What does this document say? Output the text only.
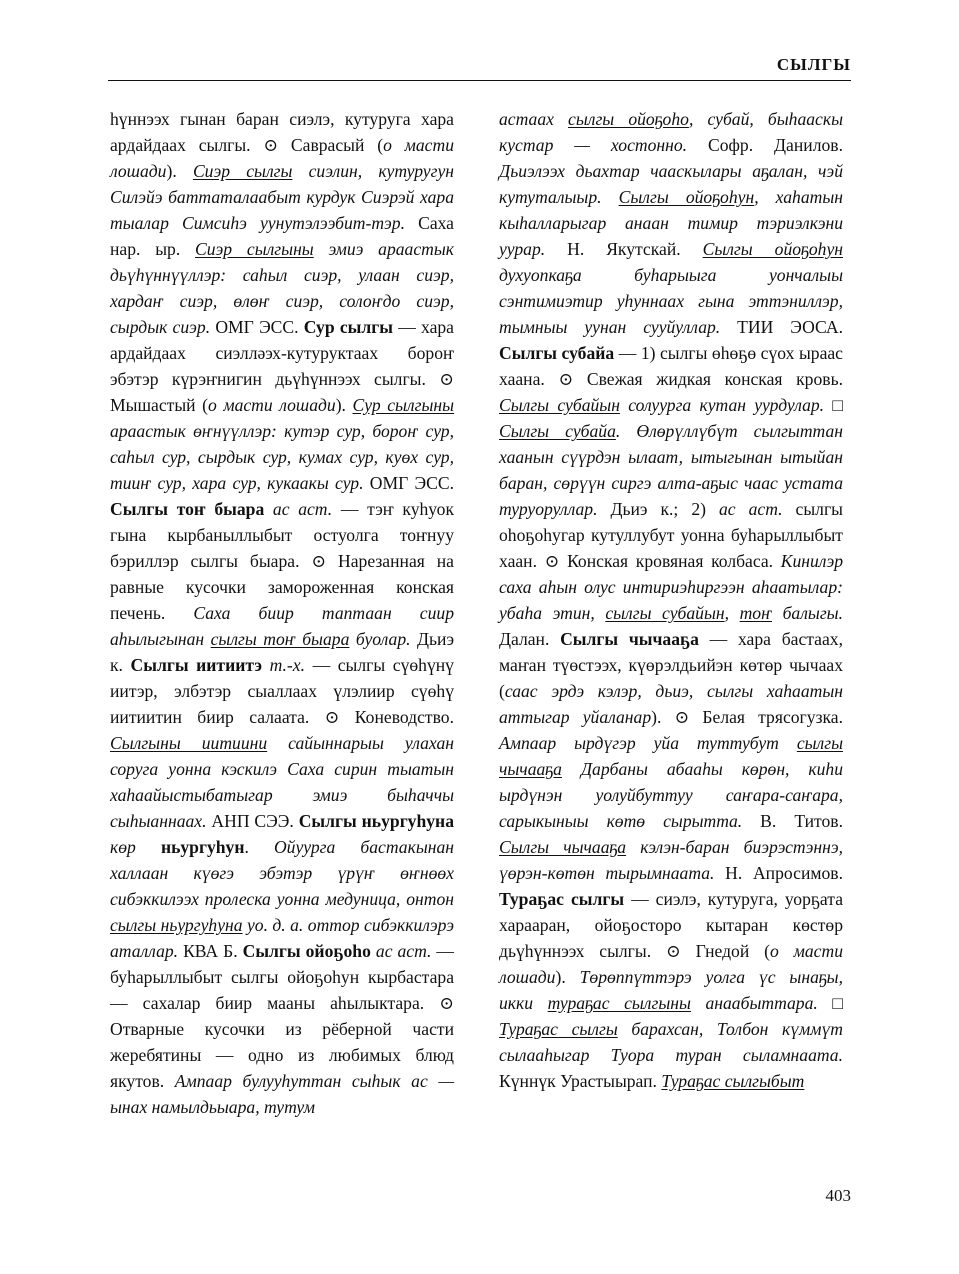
СЫЛГЫ

һүннээх гынан баран сиэлэ, кутуруга хара ардайдаах сылгы. ⊙ Саврасый (о масти лошади). Сиэр сылгы сиэлин, кутуругун Силэйэ баттаталаабыт курдук Сиэрэй хара тыалар Симсиһэ уунутэлээбит-тэр. Саха нар. ыр. Сиэр сылгыны эмиэ араастык дьүһүннүүллэр: саһыл сиэр, улаан сиэр, хардаҥ сиэр, өлөҥ сиэр, солоҥдо сиэр, сырдык сиэр. ОМГ ЭСС. Сур сылгы — хара ардайдаах сиэлләэх-кутуруктаах бороҥ эбэтэр күрэҥнигин дьүһүннээх сылгы. ⊙ Мышастый (о масти лошади). Сур сылгыны араастык өҥнүүллэр: кутэр сур, бороҥ сур, саһыл сур, сырдык сур, кумах сур, куөх сур, тииҥ сур, хара сур, кукаакы сур. ОМГ ЭСС. Сылгы тоҥ быара ас аст. — тэҥ куһуок гына кырбаныллыбыт остуолга тоҥнуу бэриллэр сылгы быара. ⊙ Нарезанная на равные кусочки замороженная конская печень. Саха биир таптаан сиир аһылыгынан сылгы тоҥ быара буолар. Дьиэ к. Сылгы иитиитэ т.-х. — сылгы сүөһүнү иитэр, элбэтэр сыаллаах үлэлиир сүөһү иитиитин биир салаата. ⊙ Коневодство. Сылгыны иитиини сайыннарыы улахан соруга уонна кэскилэ Саха сирин тыатын хаһаайыстыбатыгар эмиэ быһаччы сыһыаннаах. АНП СЭЭ. Сылгы ньургуһуна көр ньургуһун. Ойуурга бастакынан халлаан күөгэ эбэтэр үрүҥ өҥнөөх сибэккилээх пролеска уонна медуница, онтон сылгы ньургуһуна уо. д. а. оттор сибэккилэрэ аталлар. КВА Б. Сылгы ойоҕоһо ас аст. — буһарыллыбыт сылгы ойоҕоһун кырбастара — сахалар биир мааны аһылыктара. ⊙ Отварные кусочки из рёберной части жеребятины — одно из любимых блюд якутов. Ампаар булууһуттан сыһык ас — ынах намылдьыара, тутум

астаах сылгы ойоҕоһо, субай, быһааскы кустар — хостонно. Софр. Данилов. Дьиэлээх дьахтар чааскылары аҕалан, чэй кутуталыыр. Сылгы ойоҕоһун, хаһатын кыһалларыгар анаан тимир тэриэлкэни уурар. Н. Якутскай. Сылгы ойоҕоһун духуопкаҕа буһарыыга уончалыы сэнтимиэтир уһуннаах гына эттэниллэр, тымныы уунан сууйуллар. ТИИ ЭОСА. Сылгы субайа — 1) сылгы өһөҕө сүох ыраас хаана. ⊙ Свежая жидкая конская кровь. Сылгы субайын солуурга кутан уурдулар. □ Сылгы субайа. Өлөрүллүбүт сылгыттан хаанын сүүрдэн ылаат, ытыгынан ытыйан баран, сөрүүн сиргэ алта-аҕыс чаас устата туруоруллар. Дьиэ к.; 2) ас аст. сылгы оһоҕоһугар кутуллубут уонна буһарыллыбыт хаан. ⊙ Конская кровяная колбаса. Кинилэр саха аһын олус интириэһиргээн аһаатылар: убаһа этин, сылгы субайын, тоҥ балыгы. Далан. Сылгы чычааҕа — хара бастаах, маҥан түөстээх, күөрэлдьийэн көтөр чычаах (саас эрдэ кэлэр, дьиэ, сылгы хаһаатын аттыгар уйаланар). ⊙ Белая трясогузка. Ампаар ырдүгэр уйа туттубут сылгы чычааҕа Дарбаны абааһы көрөн, киһи ырдүнэн уолуйбуттуу саҥара-саҥара, сарыкыныы көтө сырыттa. В. Титов. Сылгы чычааҕа кэлэн-баран биэрэстэннэ, үөрэн-көтөн тырымнаата. Н. Апросимов. Тураҕас сылгы — сиэлэ, кутуруга, уорҕата хараaран, ойоҕостоpо кытаран көстөр дьүһүннээх сылгы. ⊙ Гнедой (о масти лошади). Төрөппүттэрэ уолга үс ынаҕы, икки тураҕас сылгыны анаабыттара. □ Тураҕас сылгы барахсан, Толбон күммүт сылааһыгар Туора туран сыламнаата. Күннүк Урастыырап. Тураҕас сылгыбыт

403
